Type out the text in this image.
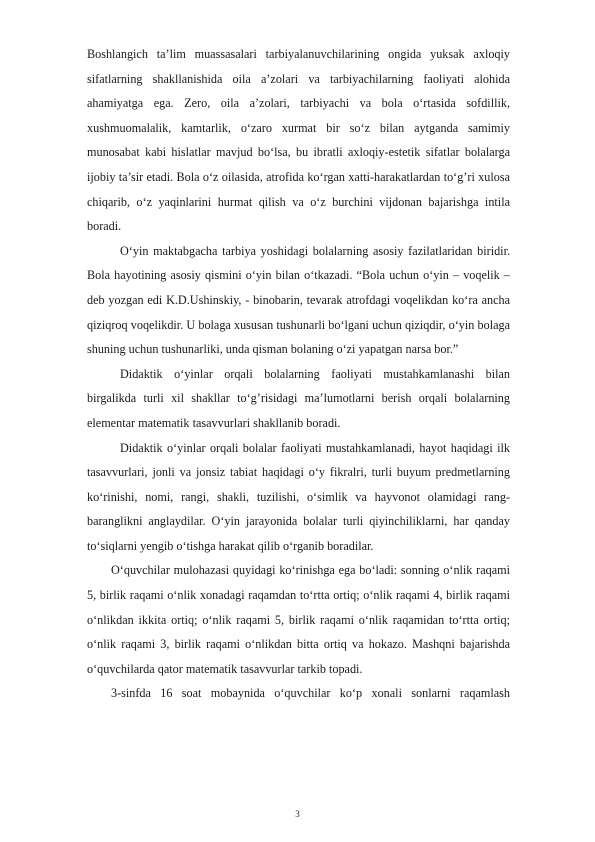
Boshlangich ta’lim muassasalari tarbiyalanuvchilarining ongida yuksak axloqiy sifatlarning shakllanishida oila a’zolari va tarbiyachilarning faoliyati alohida ahamiyatga ega. Zero, oila a’zolari, tarbiyachi va bola o‘rtasida sofdillik, xushmuomalalik, kamtarlik, o‘zaro xurmat bir so‘z bilan aytganda samimiy munosabat kabi hislatlar mavjud bo‘lsa, bu ibratli axloqiy-estetik sifatlar bolalarga ijobiy ta’sir etadi. Bola o‘z oilasida, atrofida ko‘rgan xatti-harakatlardan to‘g’ri xulosa chiqarib, o‘z yaqinlarini hurmat qilish va o‘z burchini vijdonan bajarishga intila boradi.

O‘yin maktabgacha tarbiya yoshidagi bolalarning asosiy fazilatlaridan biridir. Bola hayotining asosiy qismini o‘yin bilan o‘tkazadi. “Bola uchun o‘yin – voqelik – deb yozgan edi K.D.Ushinskiy, - binobarin, tevarak atrofdagi voqelikdan ko‘ra ancha qiziqroq voqelikdir. U bolaga xususan tushunarli bo‘lgani uchun qiziqdir, o‘yin bolaga shuning uchun tushunarliki, unda qisman bolaning o‘zi yapatgan narsa bor.”

Didaktik o‘yinlar orqali bolalarning faoliyati mustahkamlanashi bilan birgalikda turli xil shakllar to‘g’risidagi ma’lumotlarni berish orqali bolalarning elementar matematik tasavvurlari shakllanib boradi.

Didaktik o‘yinlar orqali bolalar faoliyati mustahkamlanadi, hayot haqidagi ilk tasavvurlari, jonli va jonsiz tabiat haqidagi o‘y fikralri, turli buyum predmetlarning ko‘rinishi, nomi, rangi, shakli, tuzilishi, o‘simlik va hayvonot olamidagi rang-baranglikni anglaydilar. O‘yin jarayonida bolalar turli qiyinchiliklarni, har qanday to‘siqlarni yengib o‘tishga harakat qilib o‘rganib boradilar.

O‘quvchilar mulohazasi quyidagi ko‘rinishga ega bo‘ladi: sonning o‘nlik raqami 5, birlik raqami o‘nlik xonadagi raqamdan to‘rtta ortiq; o‘nlik raqami 4, birlik raqami o‘nlikdan ikkita ortiq; o‘nlik raqami 5, birlik raqami o‘nlik raqamidan to‘rtta ortiq; o‘nlik raqami 3, birlik raqami o‘nlikdan bitta ortiq va hokazo. Mashqni bajarishda o‘quvchilarda qator matematik tasavvurlar tarkib topadi.

3-sinfda 16 soat mobaynida o‘quvchilar ko‘p xonali sonlarni raqamlash

3
